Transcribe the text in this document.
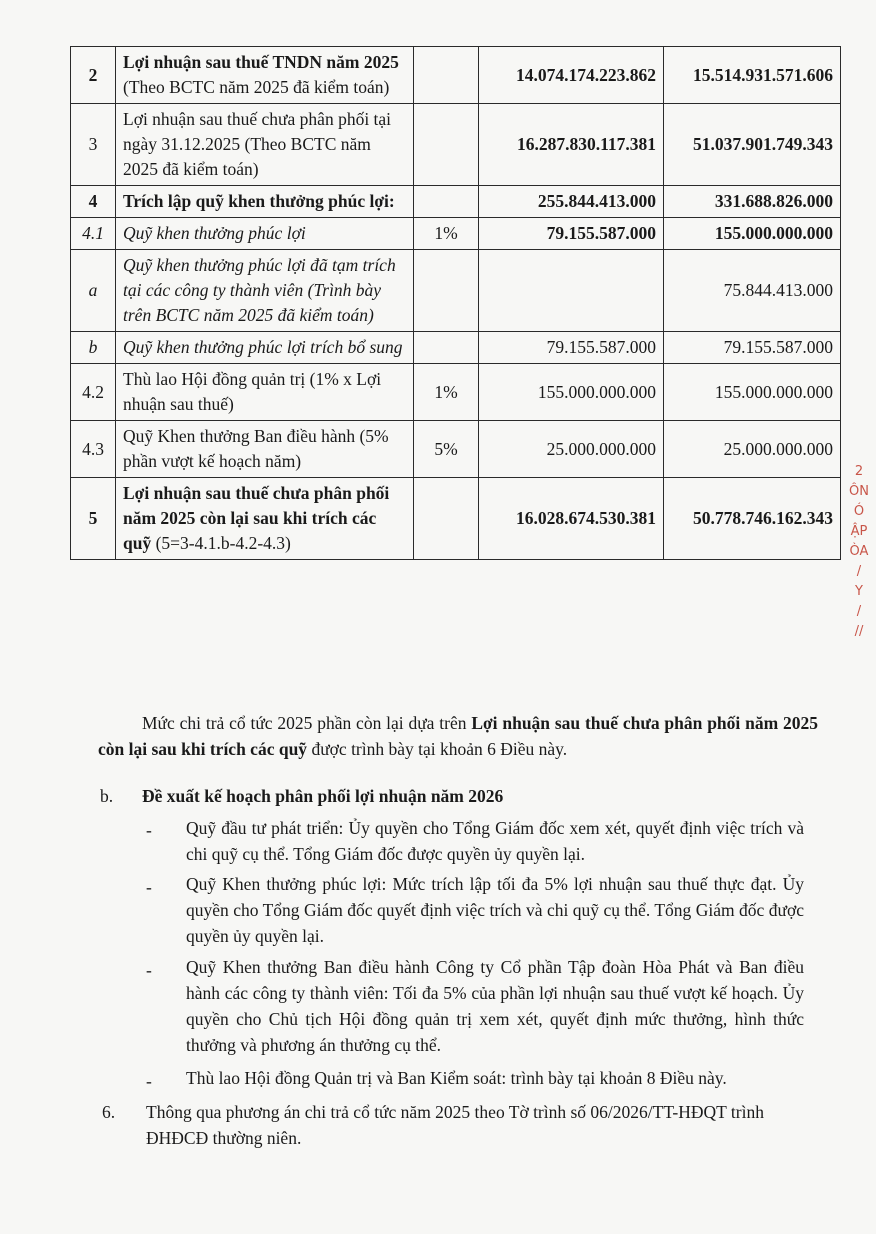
2	Lợi nhuận sau thuế TNDN năm 2025 (Theo BCTC năm 2025 đã kiểm toán)		14.074.174.223.862	15.514.931.571.606
3	Lợi nhuận sau thuế chưa phân phối tại ngày 31.12.2025 (Theo BCTC năm 2025 đã kiểm toán)		16.287.830.117.381	51.037.901.749.343
4	Trích lập quỹ khen thưởng phúc lợi:		255.844.413.000	331.688.826.000
4.1	Quỹ khen thưởng phúc lợi	1%	79.155.587.000	155.000.000.000
a	Quỹ khen thưởng phúc lợi đã tạm trích tại các công ty thành viên (Trình bày trên BCTC năm 2025 đã kiểm toán)			75.844.413.000
b	Quỹ khen thưởng phúc lợi trích bổ sung		79.155.587.000	79.155.587.000
4.2	Thù lao Hội đồng quản trị (1% x Lợi nhuận sau thuế)	1%	155.000.000.000	155.000.000.000
4.3	Quỹ Khen thưởng Ban điều hành (5% phần vượt kế hoạch năm)	5%	25.000.000.000	25.000.000.000
5	Lợi nhuận sau thuế chưa phân phối năm 2025 còn lại sau khi trích các quỹ (5=3-4.1.b-4.2-4.3)		16.028.674.530.381	50.778.746.162.343
Mức chi trả cổ tức 2025 phần còn lại dựa trên Lợi nhuận sau thuế chưa phân phối năm 2025 còn lại sau khi trích các quỹ được trình bày tại khoản 6 Điều này.
b. Đề xuất kế hoạch phân phối lợi nhuận năm 2026
- Quỹ đầu tư phát triển: Ủy quyền cho Tổng Giám đốc xem xét, quyết định việc trích và chi quỹ cụ thể. Tổng Giám đốc được quyền ủy quyền lại.
- Quỹ Khen thưởng phúc lợi: Mức trích lập tối đa 5% lợi nhuận sau thuế thực đạt. Ủy quyền cho Tổng Giám đốc quyết định việc trích và chi quỹ cụ thể. Tổng Giám đốc được quyền ủy quyền lại.
- Quỹ Khen thưởng Ban điều hành Công ty Cổ phần Tập đoàn Hòa Phát và Ban điều hành các công ty thành viên: Tối đa 5% của phần lợi nhuận sau thuế vượt kế hoạch. Ủy quyền cho Chủ tịch Hội đồng quản trị xem xét, quyết định mức thưởng, hình thức thưởng và phương án thưởng cụ thể.
- Thù lao Hội đồng Quản trị và Ban Kiểm soát: trình bày tại khoản 8 Điều này.
6. Thông qua phương án chi trả cổ tức năm 2025 theo Tờ trình số 06/2026/TT-HĐQT trình ĐHĐCĐ thường niên.
2
ÔN
Ó
ẬP
ÒA
/
Y
/
//
